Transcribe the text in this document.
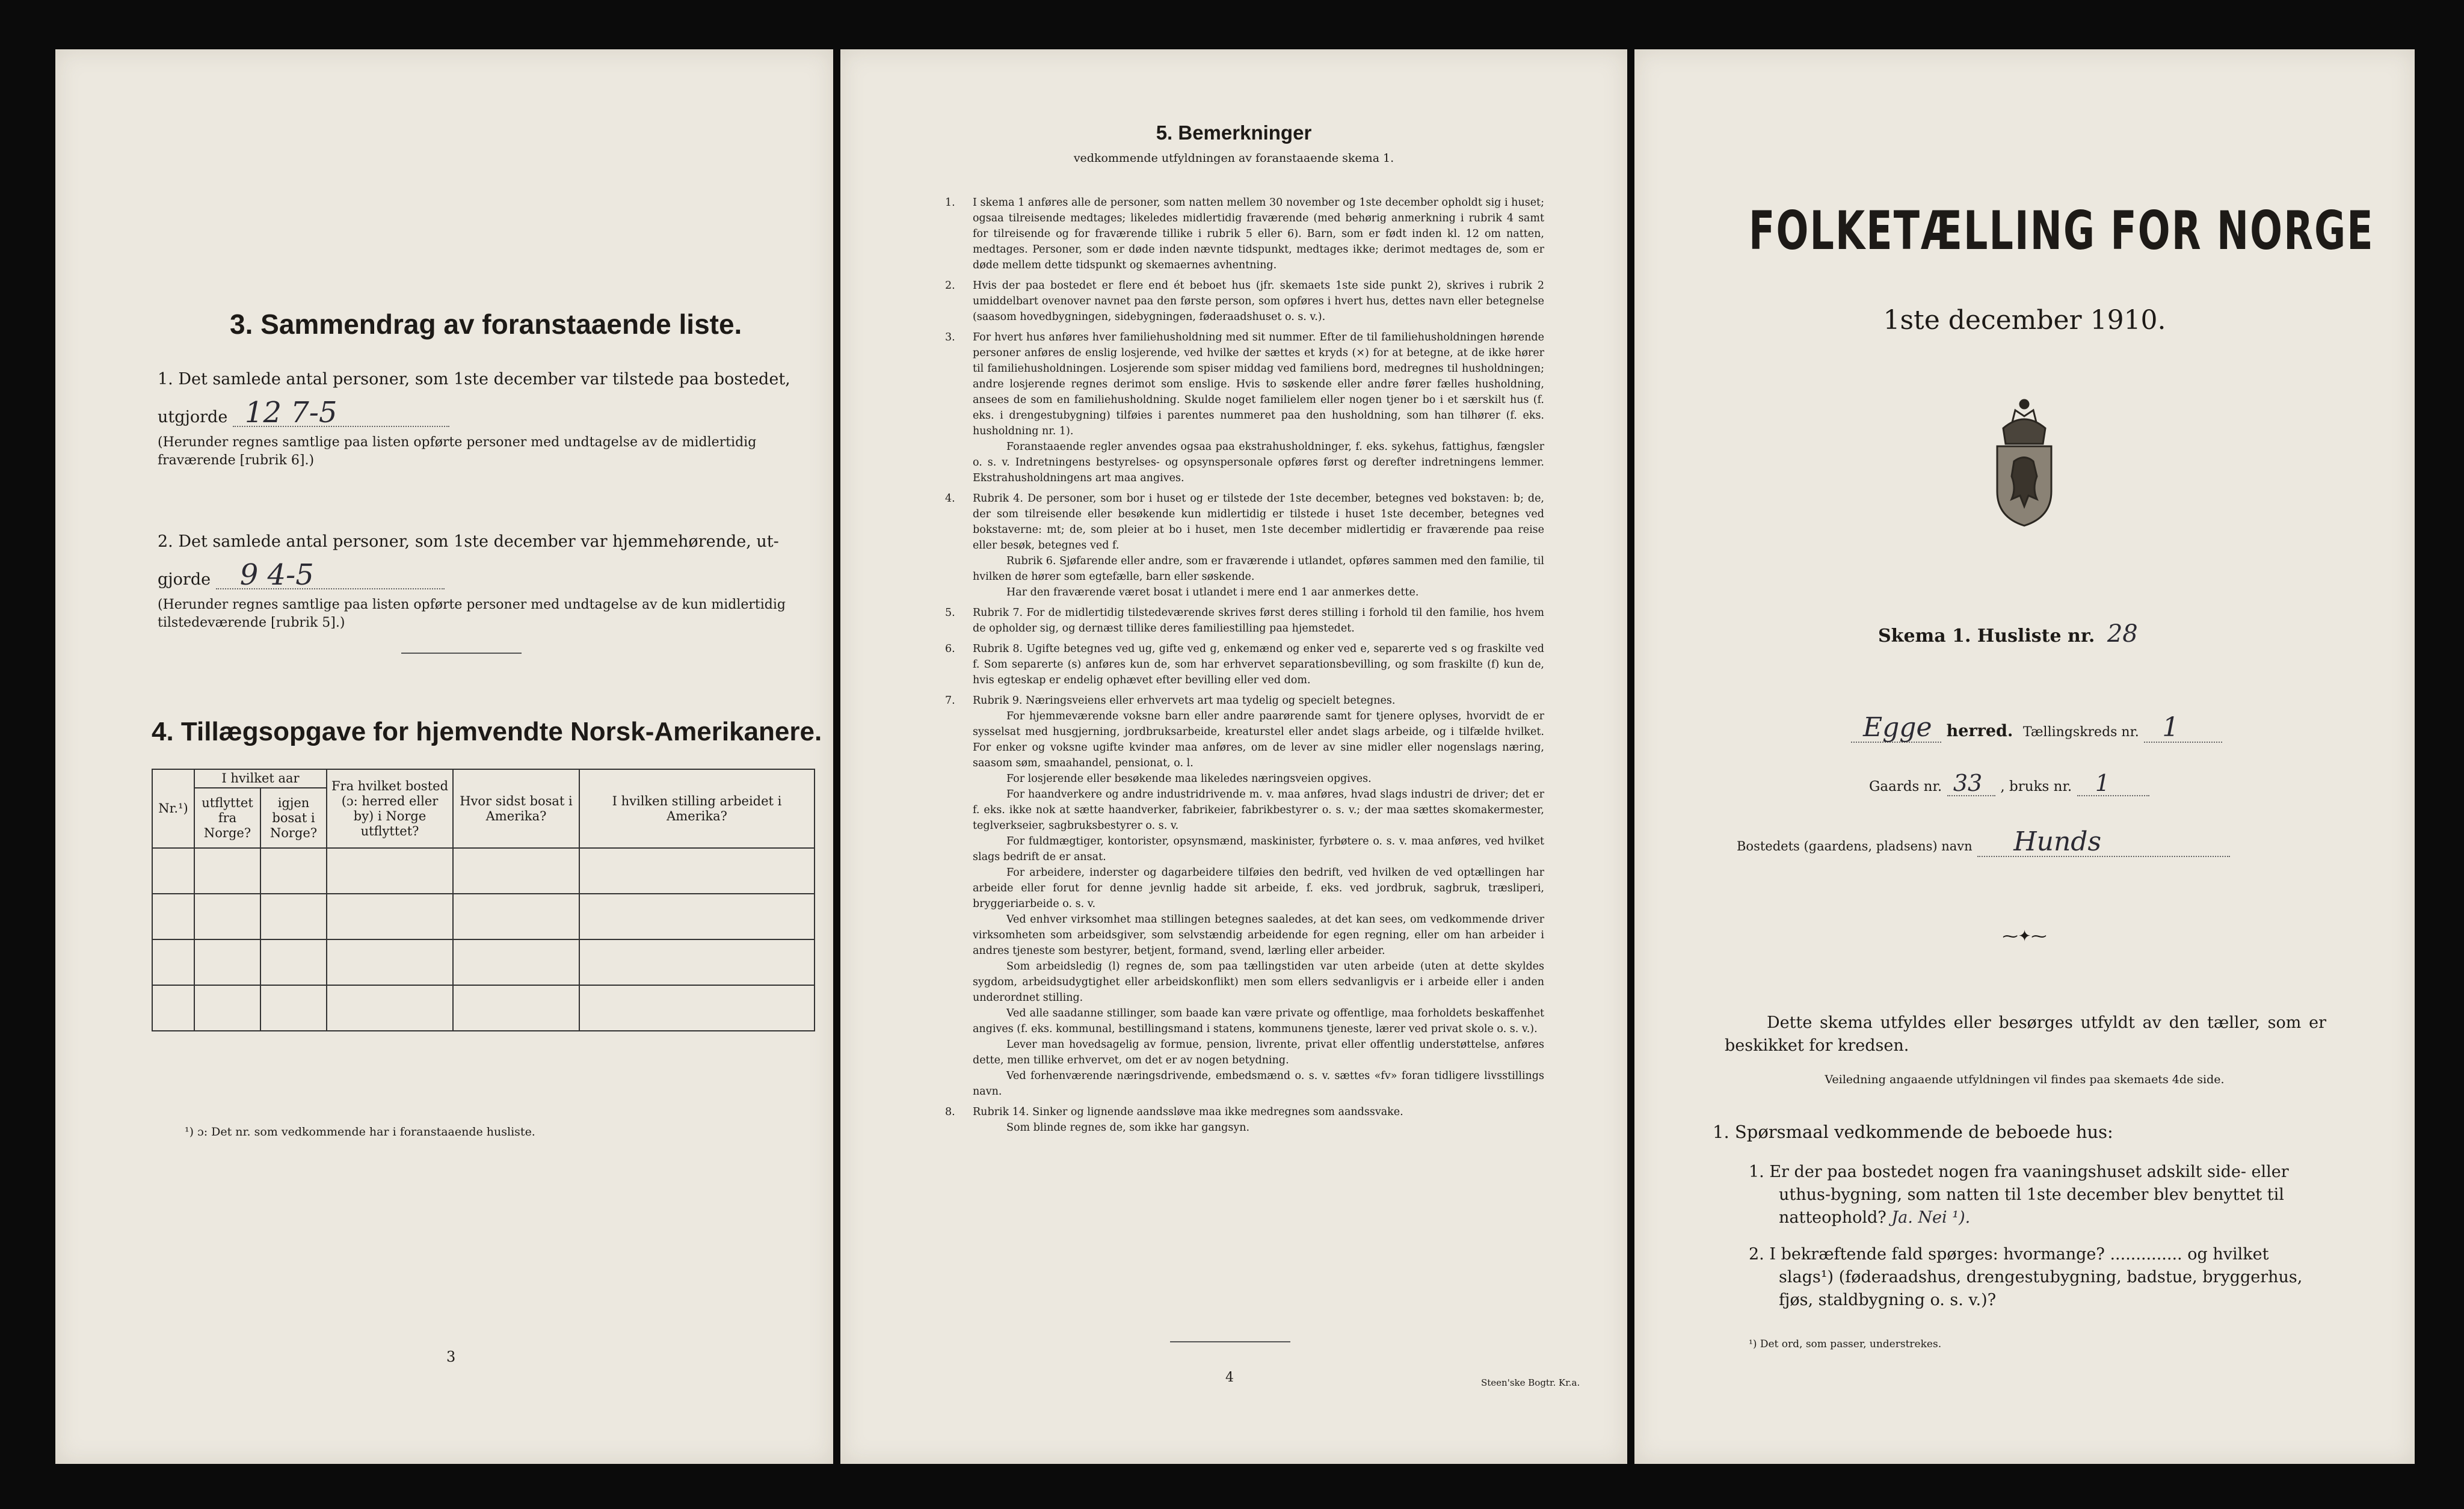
3. Sammendrag av foranstaaende liste.
1. Det samlede antal personer, som 1ste december var tilstede paa bostedet,
utgjorde 12 7-5
(Herunder regnes samtlige paa listen opførte personer med undtagelse av de midlertidig fraværende [rubrik 6].)
2. Det samlede antal personer, som 1ste december var hjemmehørende, ut-
gjorde 9 4-5
(Herunder regnes samtlige paa listen opførte personer med undtagelse av de kun midlertidig tilstedeværende [rubrik 5].)
4. Tillægsopgave for hjemvendte Norsk-Amerikanere.
Nr.¹)	I hvilket aar		Fra hvilket bosted (ɔ: herred eller by) i Norge utflyttet?	Hvor sidst bosat i Amerika?	I hvilken stilling arbeidet i Amerika?
	utflyttet fra Norge?	igjen bosat i Norge?			

¹) ɔ: Det nr. som vedkommende har i foranstaaende husliste.
3
5. Bemerkninger
vedkommende utfyldningen av foranstaaende skema 1.
1. I skema 1 anføres alle de personer, som natten mellem 30 november og 1ste december opholdt sig i huset; ogsaa tilreisende medtages; likeledes midlertidig fraværende (med behørig anmerkning i rubrik 4 samt for tilreisende og for fraværende tillike i rubrik 5 eller 6). Barn, som er født inden kl. 12 om natten, medtages. Personer, som er døde inden nævnte tidspunkt, medtages ikke; derimot medtages de, som er døde mellem dette tidspunkt og skemaernes avhentning.

2. Hvis der paa bostedet er flere end ét beboet hus (jfr. skemaets 1ste side punkt 2), skrives i rubrik 2 umiddelbart ovenover navnet paa den første person, som opføres i hvert hus, dettes navn eller betegnelse (saasom hovedbygningen, sidebygningen, føderaadshuset o. s. v.).

3. For hvert hus anføres hver familiehusholdning med sit nummer. Efter de til familiehusholdningen hørende personer anføres de enslig losjerende, ved hvilke der sættes et kryds (×) for at betegne, at de ikke hører til familiehusholdningen. Losjerende som spiser middag ved familiens bord, medregnes til husholdningen; andre losjerende regnes derimot som enslige. Hvis to søskende eller andre fører fælles husholdning, ansees de som en familiehusholdning. Skulde noget familielem eller nogen tjener bo i et særskilt hus (f. eks. i drengestubygning) tilføies i parentes nummeret paa den husholdning, som han tilhører (f. eks. husholdning nr. 1).

Foranstaaende regler anvendes ogsaa paa ekstrahusholdninger, f. eks. sykehus, fattighus, fængsler o. s. v. Indretningens bestyrelses- og opsynspersonale opføres først og derefter indretningens lemmer. Ekstrahusholdningens art maa angives.

4. Rubrik 4. De personer, som bor i huset og er tilstede der 1ste december, betegnes ved bokstaven: b; de, der som tilreisende eller besøkende kun midlertidig er tilstede i huset 1ste december, betegnes ved bokstaverne: mt; de, som pleier at bo i huset, men 1ste december midlertidig er fraværende paa reise eller besøk, betegnes ved f.

Rubrik 6. Sjøfarende eller andre, som er fraværende i utlandet, opføres sammen med den familie, til hvilken de hører som egtefælle, barn eller søskende.

Har den fraværende været bosat i utlandet i mere end 1 aar anmerkes dette.

5. Rubrik 7. For de midlertidig tilstedeværende skrives først deres stilling i forhold til den familie, hos hvem de opholder sig, og dernæst tillike deres familiestilling paa hjemstedet.

6. Rubrik 8. Ugifte betegnes ved ug, gifte ved g, enkemænd og enker ved e, separerte ved s og fraskilte ved f. Som separerte (s) anføres kun de, som har erhvervet separationsbevilling, og som fraskilte (f) kun de, hvis egteskap er endelig ophævet efter bevilling eller ved dom.

7. Rubrik 9. Næringsveiens eller erhvervets art maa tydelig og specielt betegnes.

For hjemmeværende voksne barn eller andre paarørende samt for tjenere oplyses, hvorvidt de er sysselsat med husgjerning, jordbruksarbeide, kreaturstel eller andet slags arbeide, og i tilfælde hvilket. For enker og voksne ugifte kvinder maa anføres, om de lever av sine midler eller nogenslags næring, saasom søm, smaahandel, pensionat, o. l.

For losjerende eller besøkende maa likeledes næringsveien opgives.

For haandverkere og andre industridrivende m. v. maa anføres, hvad slags industri de driver; det er f. eks. ikke nok at sætte haandverker, fabrikeier, fabrikbestyrer o. s. v.; der maa sættes skomakermester, teglverkseier, sagbruksbestyrer o. s. v.

For fuldmægtiger, kontorister, opsynsmænd, maskinister, fyrbøtere o. s. v. maa anføres, ved hvilket slags bedrift de er ansat.

For arbeidere, inderster og dagarbeidere tilføies den bedrift, ved hvilken de ved optællingen har arbeide eller forut for denne jevnlig hadde sit arbeide, f. eks. ved jordbruk, sagbruk, træsliperi, bryggeriarbeide o. s. v.

Ved enhver virksomhet maa stillingen betegnes saaledes, at det kan sees, om vedkommende driver virksomheten som arbeidsgiver, som selvstændig arbeidende for egen regning, eller om han arbeider i andres tjeneste som bestyrer, betjent, formand, svend, lærling eller arbeider.

Som arbeidsledig (l) regnes de, som paa tællingstiden var uten arbeide (uten at dette skyldes sygdom, arbeidsudygtighet eller arbeidskonflikt) men som ellers sedvanligvis er i arbeide eller i anden underordnet stilling.

Ved alle saadanne stillinger, som baade kan være private og offentlige, maa forholdets beskaffenhet angives (f. eks. kommunal, bestillingsmand i statens, kommunens tjeneste, lærer ved privat skole o. s. v.).

Lever man hovedsagelig av formue, pension, livrente, privat eller offentlig understøttelse, anføres dette, men tillike erhvervet, om det er av nogen betydning.

Ved forhenværende næringsdrivende, embedsmænd o. s. v. sættes «fv» foran tidligere livsstillings navn.

8. Rubrik 14. Sinker og lignende aandssløve maa ikke medregnes som aandssvake.

Som blinde regnes de, som ikke har gangsyn.

4	Steen'ske Bogtr. Kr.a.
FOLKETÆLLING FOR NORGE
1ste december 1910.
Skema 1. Husliste nr. 28
Egge herred. Tællingskreds nr. 1
Gaards nr. 33 , bruks nr. 1
Bostedets (gaardens, pladsens) navn Hunds
⁓✦⁓
Dette skema utfyldes eller besørges utfyldt av den tæller, som er beskikket for kredsen.
Veiledning angaaende utfyldningen vil findes paa skemaets 4de side.
1. Spørsmaal vedkommende de beboede hus:
1. Er der paa bostedet nogen fra vaaningshuset adskilt side- eller uthus-bygning, som natten til 1ste december blev benyttet til natteophold? Ja. Nei ¹).
2. I bekræftende fald spørges: hvormange? .............. og hvilket slags¹) (føderaadshus, drengestubygning, badstue, bryggerhus, fjøs, staldbygning o. s. v.)?
¹) Det ord, som passer, understrekes.
